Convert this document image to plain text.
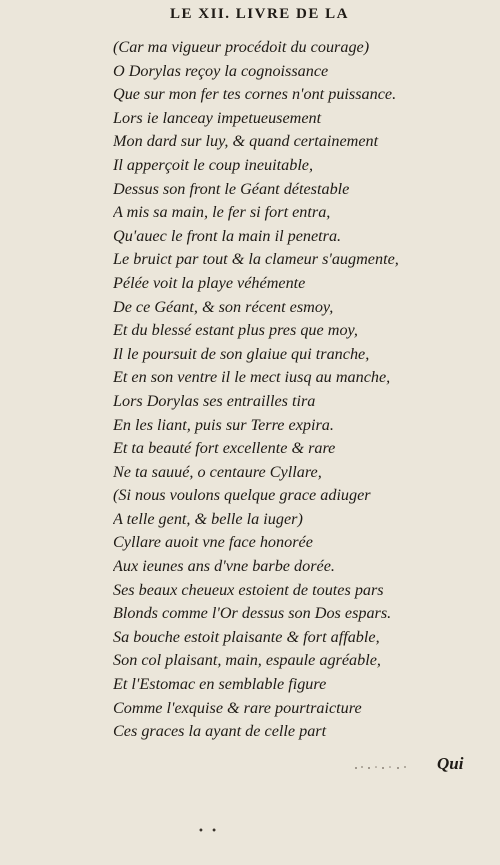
LE XII. LIVRE DE LA
(Car ma vigueur procédoit du courage)
O Dorylas reçoy la cognoissance
Que sur mon fer tes cornes n'ont puissance.
Lors ie lanceay impetueusement
Mon dard sur luy, & quand certainement
Il apperçoit le coup ineuitable,
Dessus son front le Géant détestable
A mis sa main, le fer si fort entra,
Qu'auec le front la main il penetra.
Le bruict par tout & la clameur s'augmente,
Pélée voit la playe véhémente
De ce Géant, & son récent esmoy,
Et du blessé estant plus pres que moy,
Il le poursuit de son glaiue qui tranche,
Et en son ventre il le mect iusq au manche,
Lors Dorylas ses entrailles tira
En les liant, puis sur Terre expira.
Et ta beauté fort excellente & rare
Ne ta sauué, o centaure Cyllare,
(Si nous voulons quelque grace adiuger
A telle gent, & belle la iuger)
Cyllare auoit vne face honorée
Aux ieunes ans d'vne barbe dorée.
Ses beaux cheueux estoient de toutes pars
Blonds comme l'Or dessus son Dos espars.
Sa bouche estoit plaisante & fort affable,
Son col plaisant, main, espaule agréable,
Et l'Estomac en semblable figure
Comme l'exquise & rare pourtraicture
Ces graces la ayant de celle part
Qui
• •
